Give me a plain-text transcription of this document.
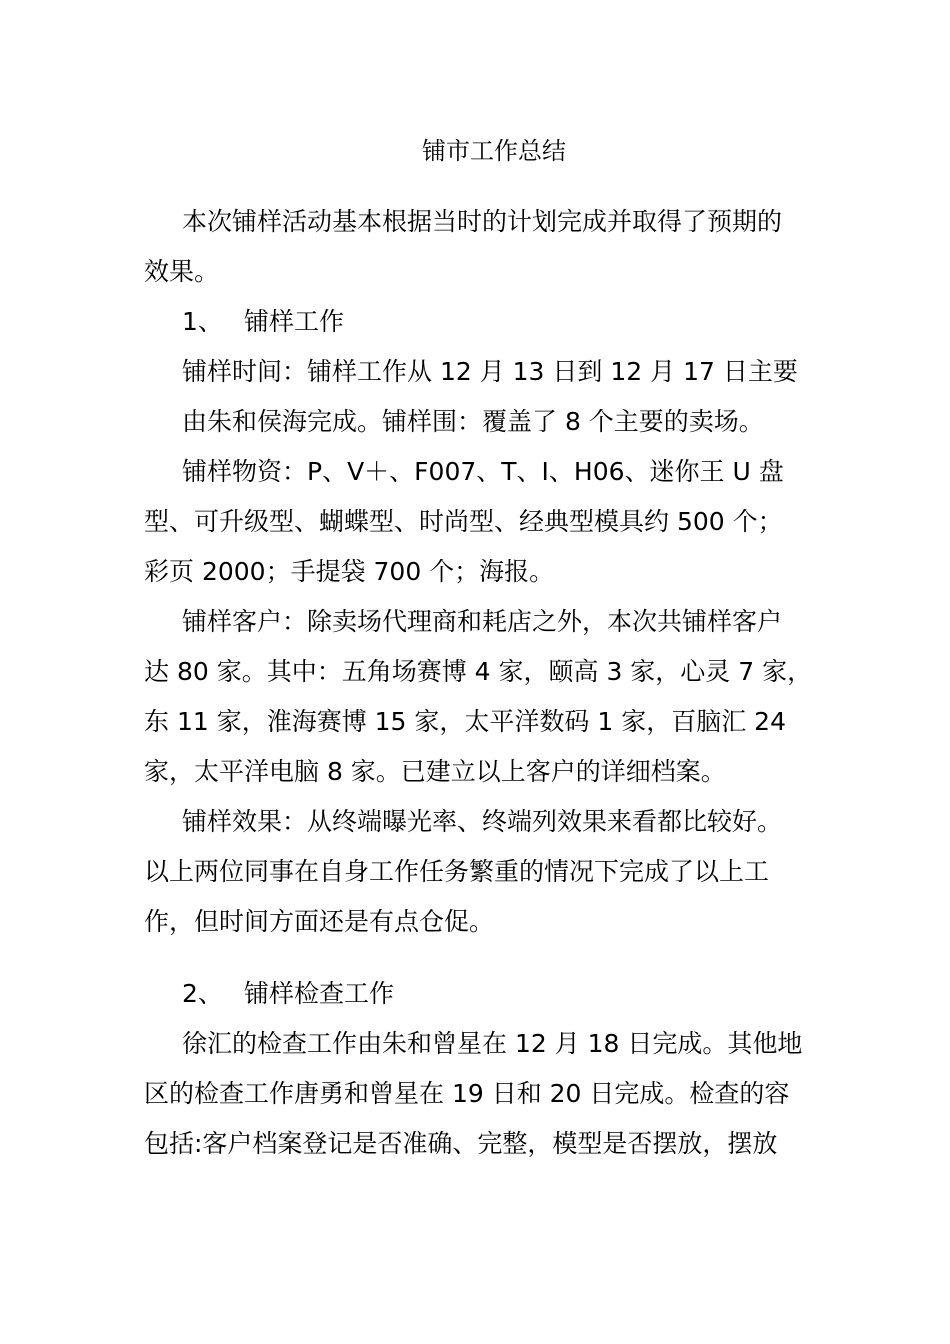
铺市工作总结
本次铺样活动基本根据当时的计划完成并取得了预期的
效果。
1、 铺样工作
铺样时间：铺样工作从 12 月 13 日到 12 月 17 日主要
由朱和侯海完成。铺样围：覆盖了 8 个主要的卖场。
铺样物资：P、V＋、F007、T、I、H06、迷你王 U 盘
型、可升级型、蝴蝶型、时尚型、经典型模具约 500 个；
彩页 2000；手提袋 700 个；海报。
铺样客户：除卖场代理商和耗店之外，本次共铺样客户
达 80 家。其中：五角场赛博 4 家，颐高 3 家，心灵 7 家，
东 11 家，淮海赛博 15 家，太平洋数码 1 家，百脑汇 24
家，太平洋电脑 8 家。已建立以上客户的详细档案。
铺样效果：从终端曝光率、终端列效果来看都比较好。
以上两位同事在自身工作任务繁重的情况下完成了以上工
作，但时间方面还是有点仓促。
2、 铺样检查工作
徐汇的检查工作由朱和曾星在 12 月 18 日完成。其他地
区的检查工作唐勇和曾星在 19 日和 20 日完成。检查的容
包括:客户档案登记是否准确、完整，模型是否摆放，摆放
